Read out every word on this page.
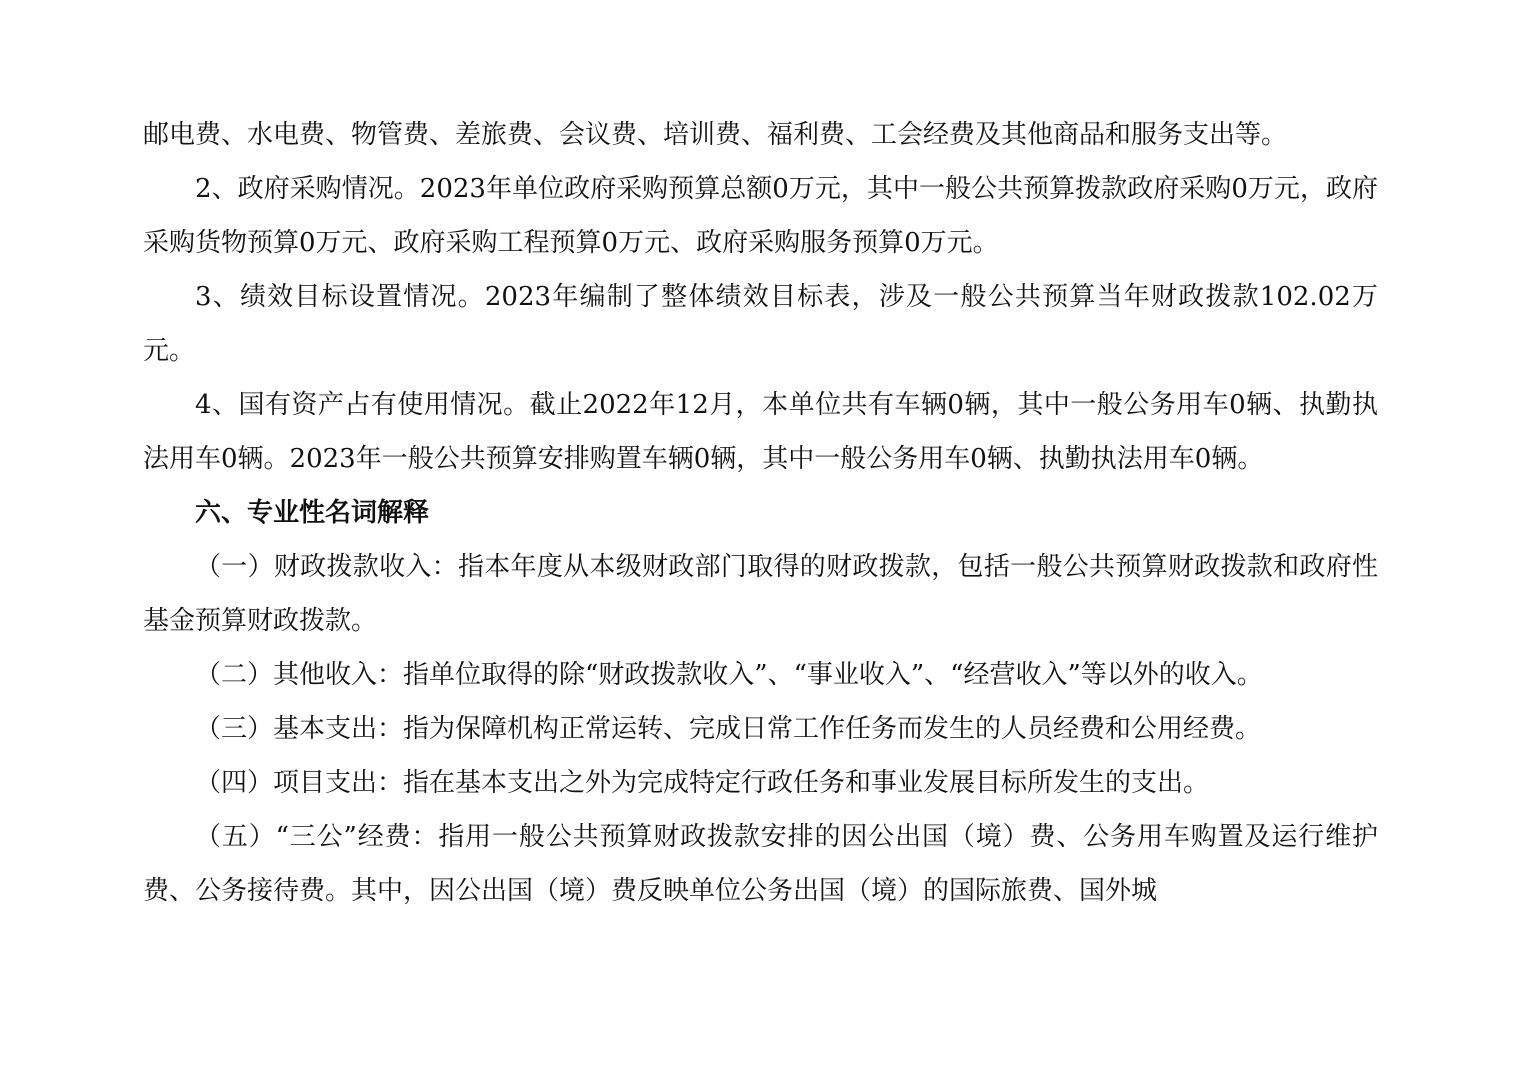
邮电费、水电费、物管费、差旅费、会议费、培训费、福利费、工会经费及其他商品和服务支出等。

2、政府采购情况。2023年单位政府采购预算总额0万元，其中一般公共预算拨款政府采购0万元，政府采购货物预算0万元、政府采购工程预算0万元、政府采购服务预算0万元。

3、绩效目标设置情况。2023年编制了整体绩效目标表，涉及一般公共预算当年财政拨款102.02万元。

4、国有资产占有使用情况。截止2022年12月，本单位共有车辆0辆，其中一般公务用车0辆、执勤执法用车0辆。2023年一般公共预算安排购置车辆0辆，其中一般公务用车0辆、执勤执法用车0辆。

六、专业性名词解释

（一）财政拨款收入：指本年度从本级财政部门取得的财政拨款，包括一般公共预算财政拨款和政府性基金预算财政拨款。

（二）其他收入：指单位取得的除“财政拨款收入”、“事业收入”、“经营收入”等以外的收入。

（三）基本支出：指为保障机构正常运转、完成日常工作任务而发生的人员经费和公用经费。

（四）项目支出：指在基本支出之外为完成特定行政任务和事业发展目标所发生的支出。

（五）“三公”经费：指用一般公共预算财政拨款安排的因公出国（境）费、公务用车购置及运行维护费、公务接待费。其中，因公出国（境）费反映单位公务出国（境）的国际旅费、国外城
